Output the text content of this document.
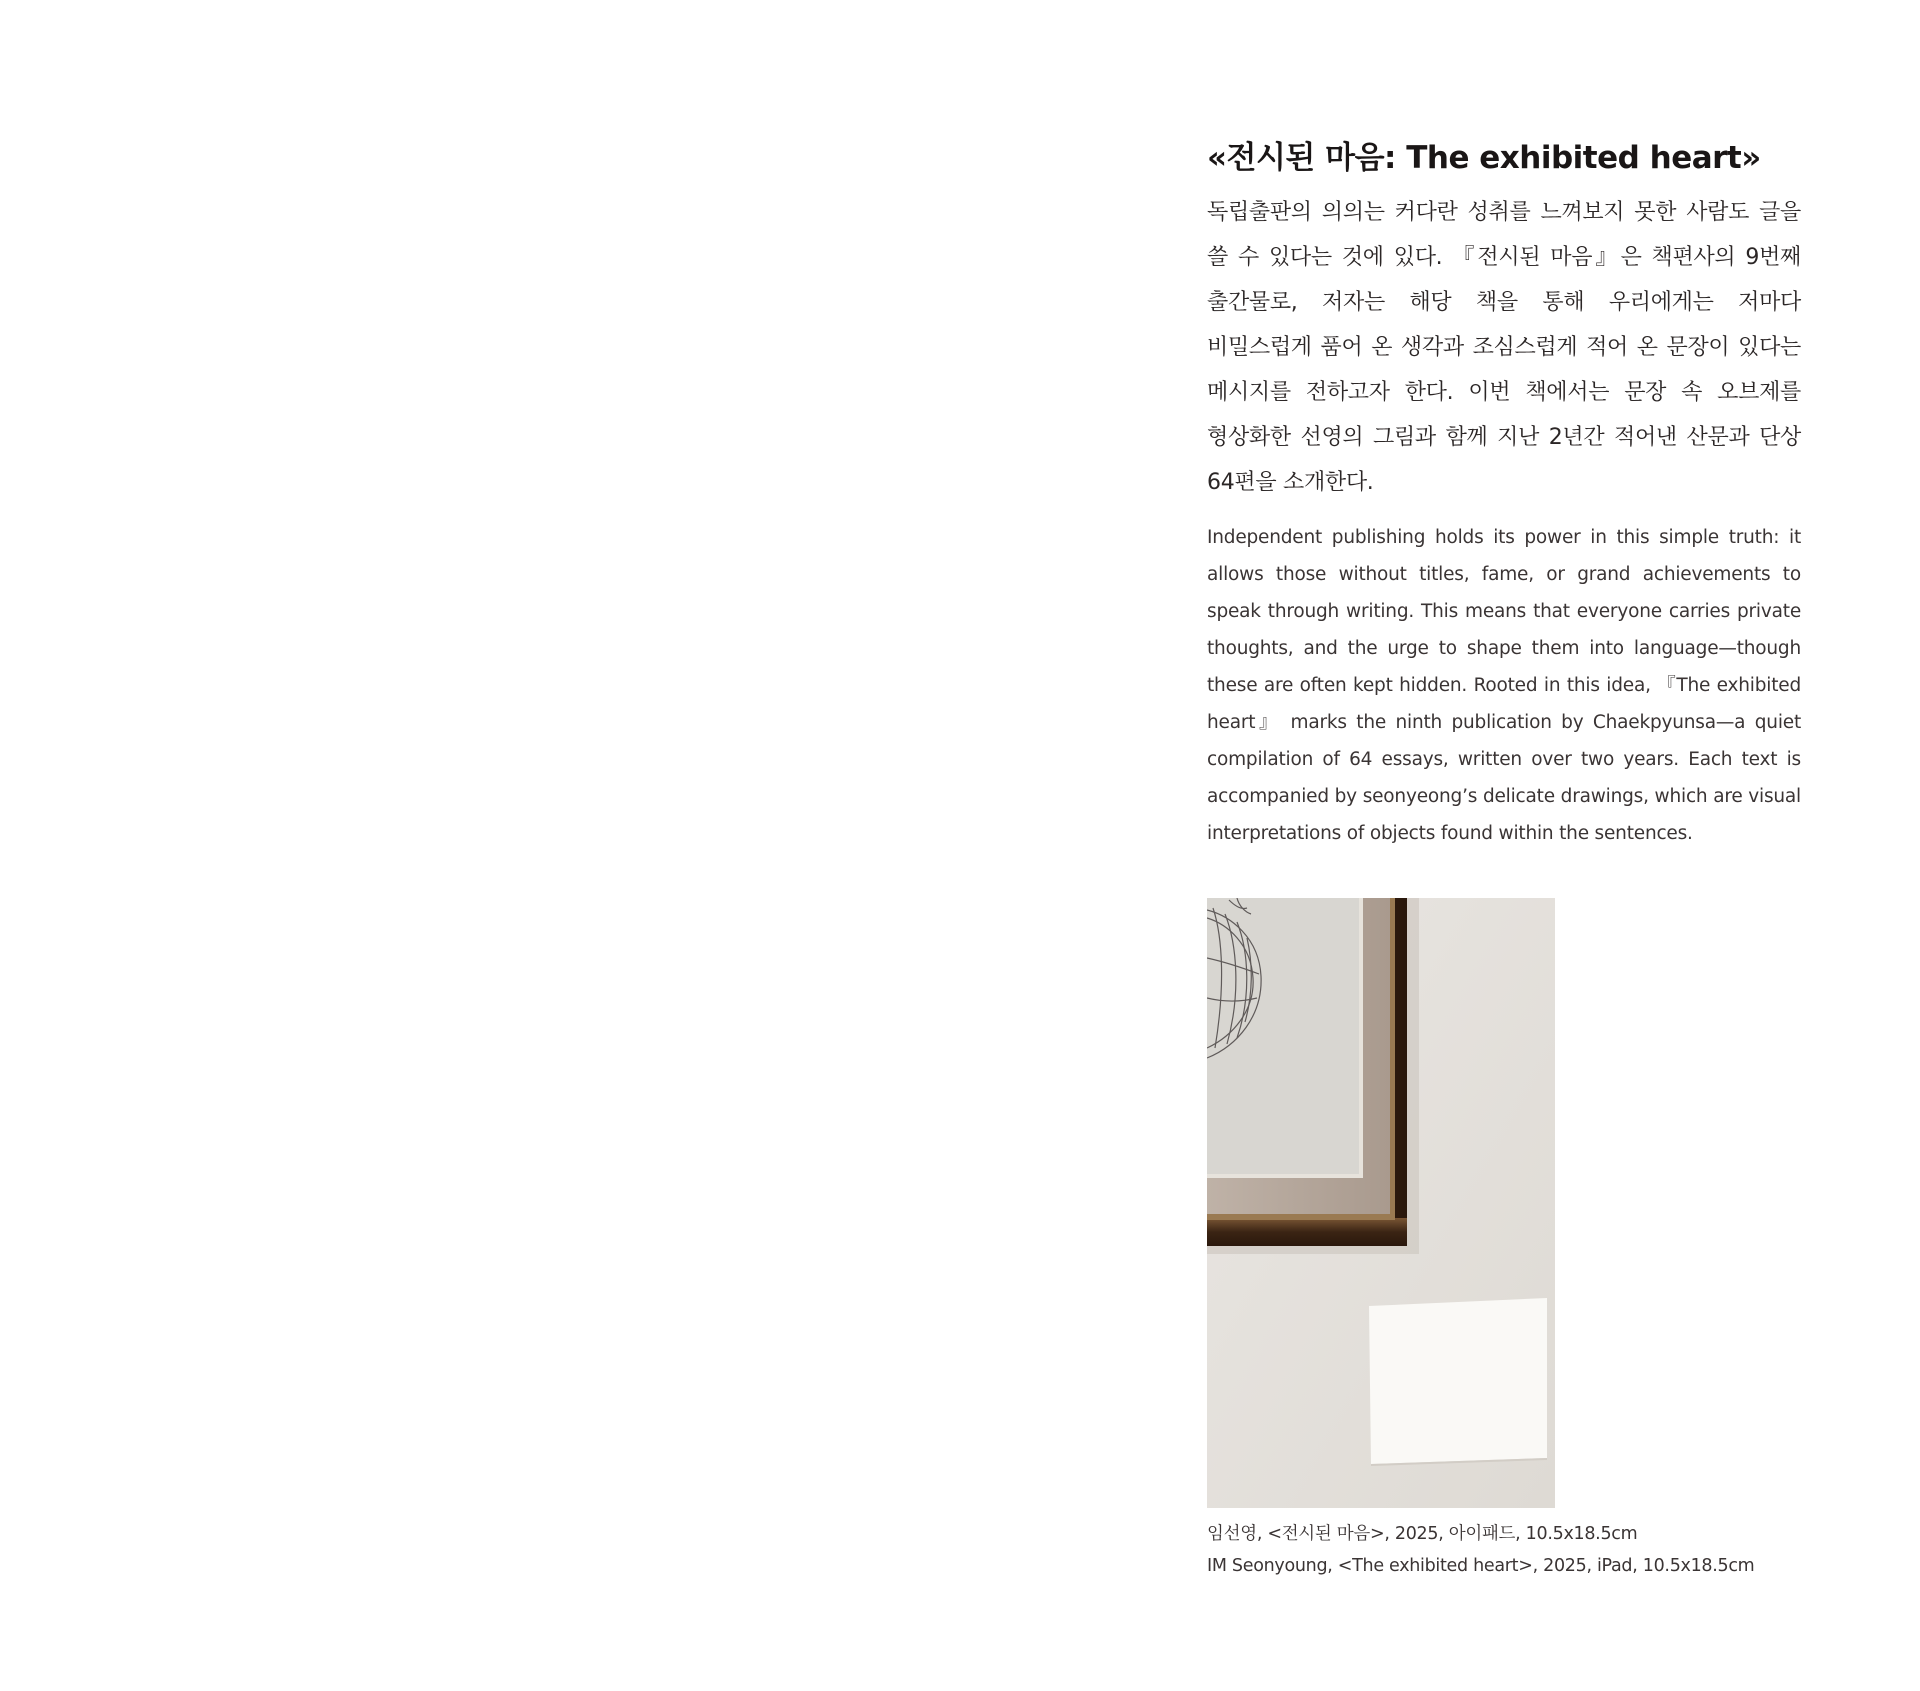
«전시된 마음: The exhibited heart»

독립출판의 의의는 커다란 성취를 느껴보지 못한 사람도 글을 쓸 수 있다는 것에 있다. 『전시된 마음』은 책편사의 9번째 출간물로, 저자는 해당 책을 통해 우리에게는 저마다 비밀스럽게 품어 온 생각과 조심스럽게 적어 온 문장이 있다는 메시지를 전하고자 한다. 이번 책에서는 문장 속 오브제를 형상화한 선영의 그림과 함께 지난 2년간 적어낸 산문과 단상 64편을 소개한다.

Independent publishing holds its power in this simple truth: it allows those without titles, fame, or grand achievements to speak through writing. This means that everyone carries private thoughts, and the urge to shape them into language—though these are often kept hidden. Rooted in this idea, 『The exhibited heart』 marks the ninth publication by Chaekpyunsa—a quiet compilation of 64 essays, written over two years. Each text is accompanied by seonyeong’s delicate drawings, which are visual interpretations of objects found within the sentences.

임선영, <전시된 마음>, 2025, 아이패드, 10.5x18.5cm
IM Seonyoung, <The exhibited heart>, 2025, iPad, 10.5x18.5cm
